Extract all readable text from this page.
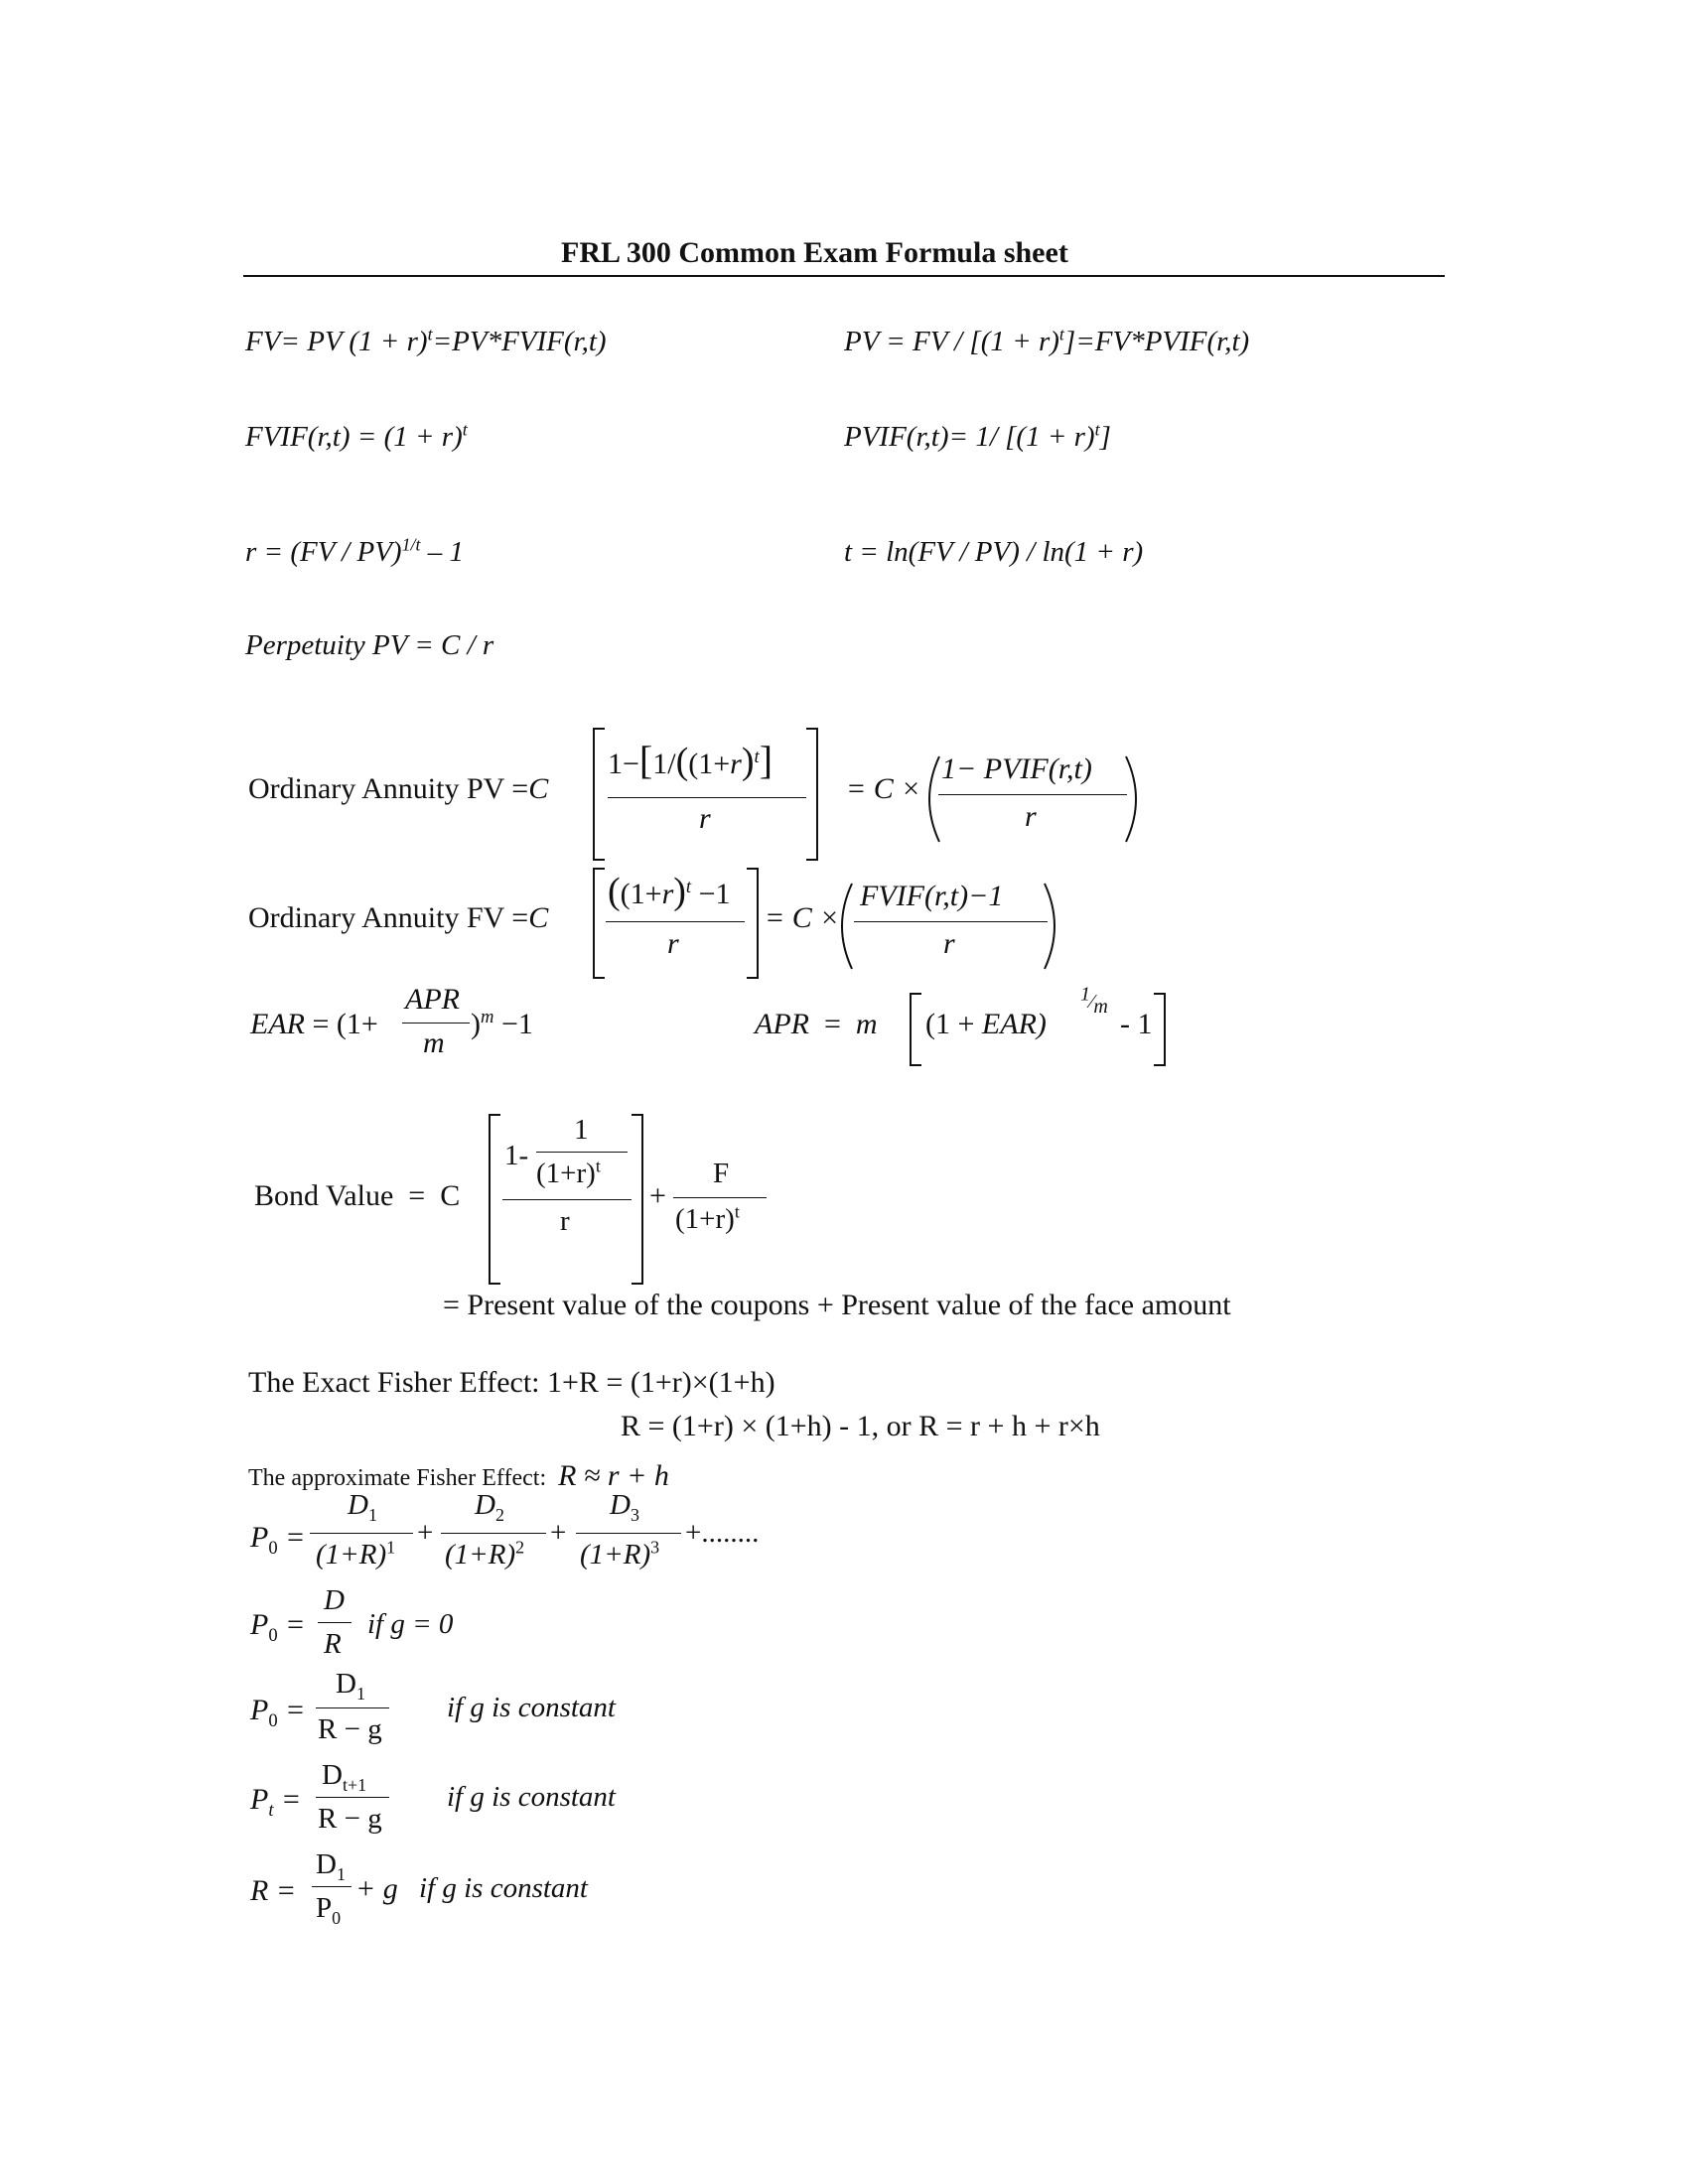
FRL 300 Common Exam Formula sheet
FV= PV $(1 + r)^t=PV*FVIF(r,t)$	PV = FV / $[(1 + r)^t]=FV*PVIF(r,t)$
FVIF(r,t) = $(1 + r)^t$	PVIF(r,t)= 1/ $[(1 + r)^t]$
r = (FV / PV)$^{1/t}$ – 1	t = ln(FV / PV) / ln(1 + r)
Perpetuity PV = C / r
Ordinary Annuity PV =C
$1-[1/((1+r)^t]$
r
= C ×
1− PVIF(r,t)
r
Ordinary Annuity FV =C
($(1+r)^t -1$
r
= C ×
FVIF(r,t)−1
r
EAR = (1+
APR
m
)$^m$ −1	APR = m (1 + EAR)
$^1⁄_m$
- 1
Bond Value = C
1-
1
$(1+r)^t$
r
+
F
$(1+r)^t$
= Present value of the coupons + Present value of the face amount
The Exact Fisher Effect: 1+R = (1+r)×(1+h)
R = (1+r) × (1+h) - 1, or R = r + h + r×h
The approximate Fisher Effect: R ≈ r + h
$P_0$ =
$D_1$
$(1+R)^1$ +
$D_2$
$(1+R)^2$ +
$D_3$
$(1+R)^3$ +........
$P_0$ =
D
R
if g = 0
$P_0$ =
$D_1$
R − g
if g is constant
$P_t$ =
$D_{t+1}$
R − g
if g is constant
R =
$D_1$
$P_0$
+ g if g is constant
